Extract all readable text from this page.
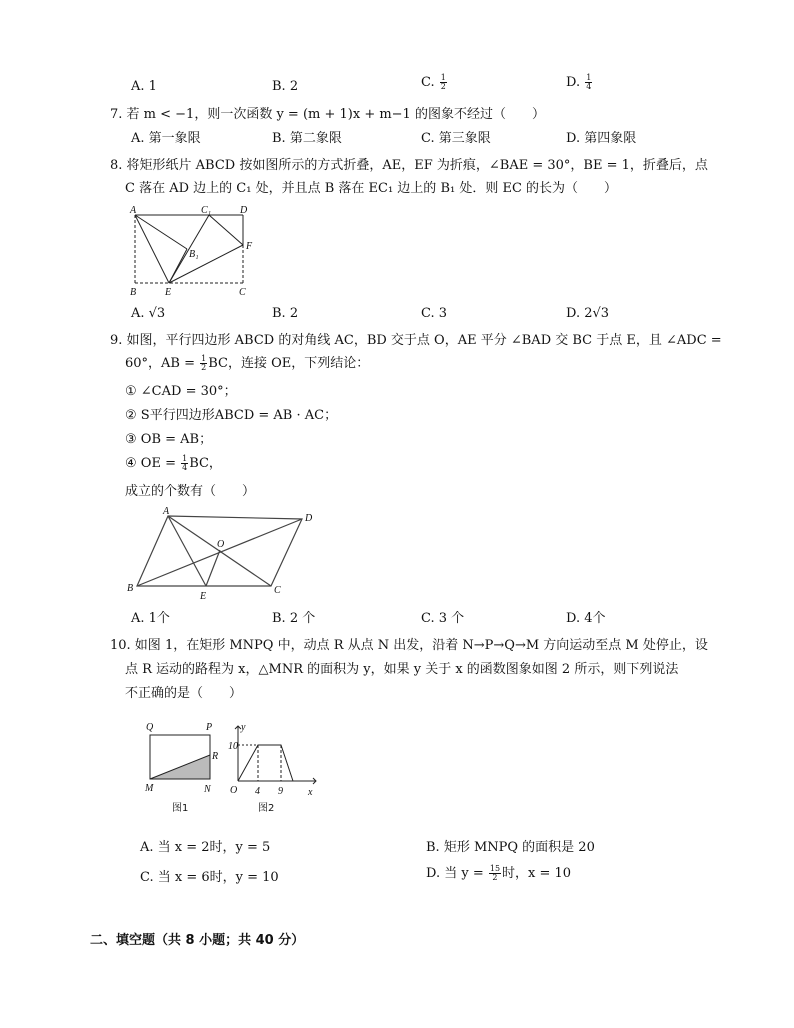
A. 1	B. 2	C. $\frac{1}{2}$	D. $\frac{1}{4}$
7. 若 m < −1，则一次函数 y = (m + 1)x + m−1 的图象不经过（　　）
A. 第一象限	B. 第二象限	C. 第三象限	D. 第四象限
8. 将矩形纸片 ABCD 按如图所示的方式折叠，AE，EF 为折痕，∠BAE = 30°，BE = 1，折叠后，点
C 落在 AD 边上的 C₁ 处，并且点 B 落在 EC₁ 边上的 B₁ 处．则 EC 的长为（　　）
A	C₁	D
F
B₁
B	E	C
A. √3	B. 2	C. 3	D. 2√3
9. 如图，平行四边形 ABCD 的对角线 AC，BD 交于点 O，AE 平分 ∠BAD 交 BC 于点 E，且 ∠ADC =
60°，AB = $\frac{1}{2}$ BC，连接 OE，下列结论：
① ∠CAD = 30°；
② S平行四边形ABCD = AB · AC；
③ OB = AB；
④ OE = $\frac{1}{4}$ BC，
成立的个数有（　　）
A
D
O
B
E
C
A. 1个	B. 2 个	C. 3 个	D. 4个
10. 如图 1，在矩形 MNPQ 中，动点 R 从点 N 出发，沿着 N→P→Q→M 方向运动至点 M 处停止，设
点 R 运动的路程为 x，△MNR 的面积为 y，如果 y 关于 x 的函数图象如图 2 所示，则下列说法
不正确的是（　　）
Q	P
R
M	N
图1
y
10
O 4 9	x
图2
A. 当 x = 2时，y = 5	B. 矩形 MNPQ 的面积是 20
C. 当 x = 6时，y = 10	D. 当 $y = \frac{15}{2}$ 时，x = 10
二、填空题（共 8 小题；共 40 分）
